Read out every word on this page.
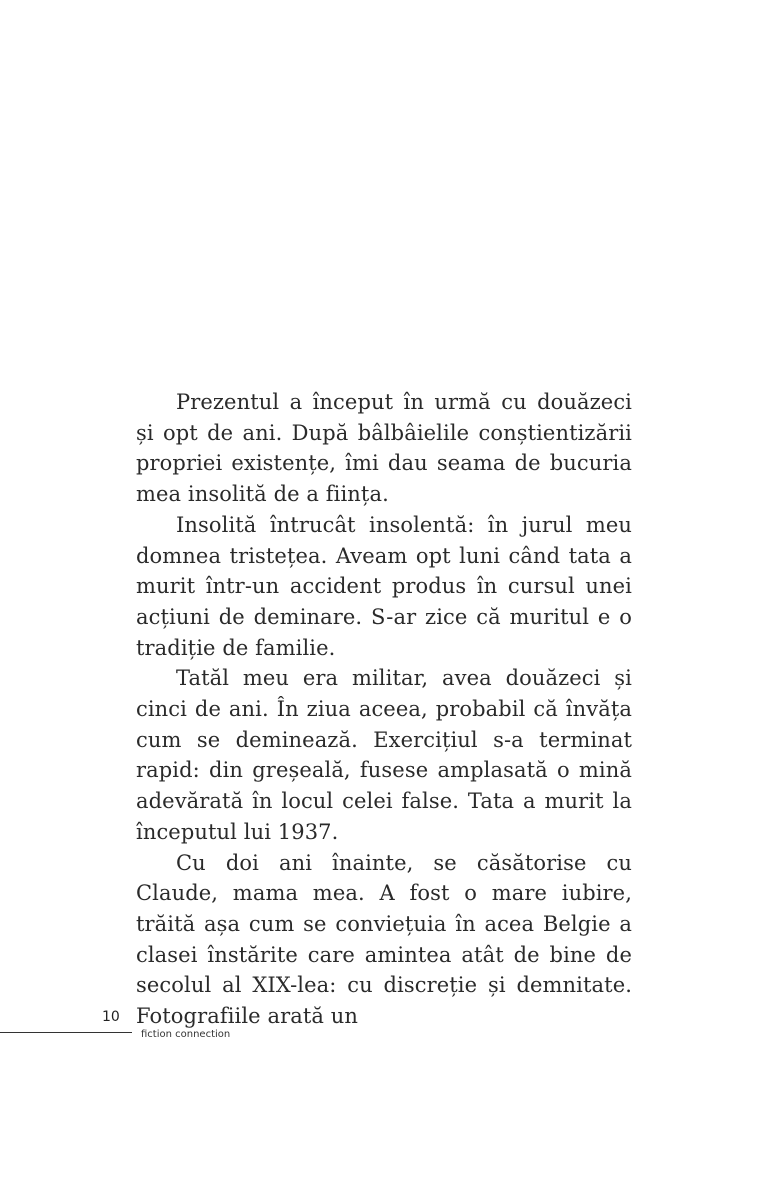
Prezentul a început în urmă cu douăzeci și opt de ani. După bâlbâielile conștientizării propriei existențe, îmi dau seama de bucuria mea insolită de a ființa.

Insolită întrucât insolentă: în jurul meu domnea tristețea. Aveam opt luni când tata a murit într-un accident produs în cursul unei acțiuni de deminare. S-ar zice că muritul e o tradiție de familie.

Tatăl meu era militar, avea douăzeci și cinci de ani. În ziua aceea, probabil că învăța cum se deminează. Exercițiul s-a terminat rapid: din greșeală, fusese amplasată o mină adevărată în locul celei false. Tata a murit la începutul lui 1937.

Cu doi ani înainte, se căsătorise cu Claude, mama mea. A fost o mare iubire, trăită așa cum se conviețuia în acea Belgie a clasei înstărite care amintea atât de bine de secolul al XIX-lea: cu discreție și demnitate. Fotografiile arată un

10
fiction connection
